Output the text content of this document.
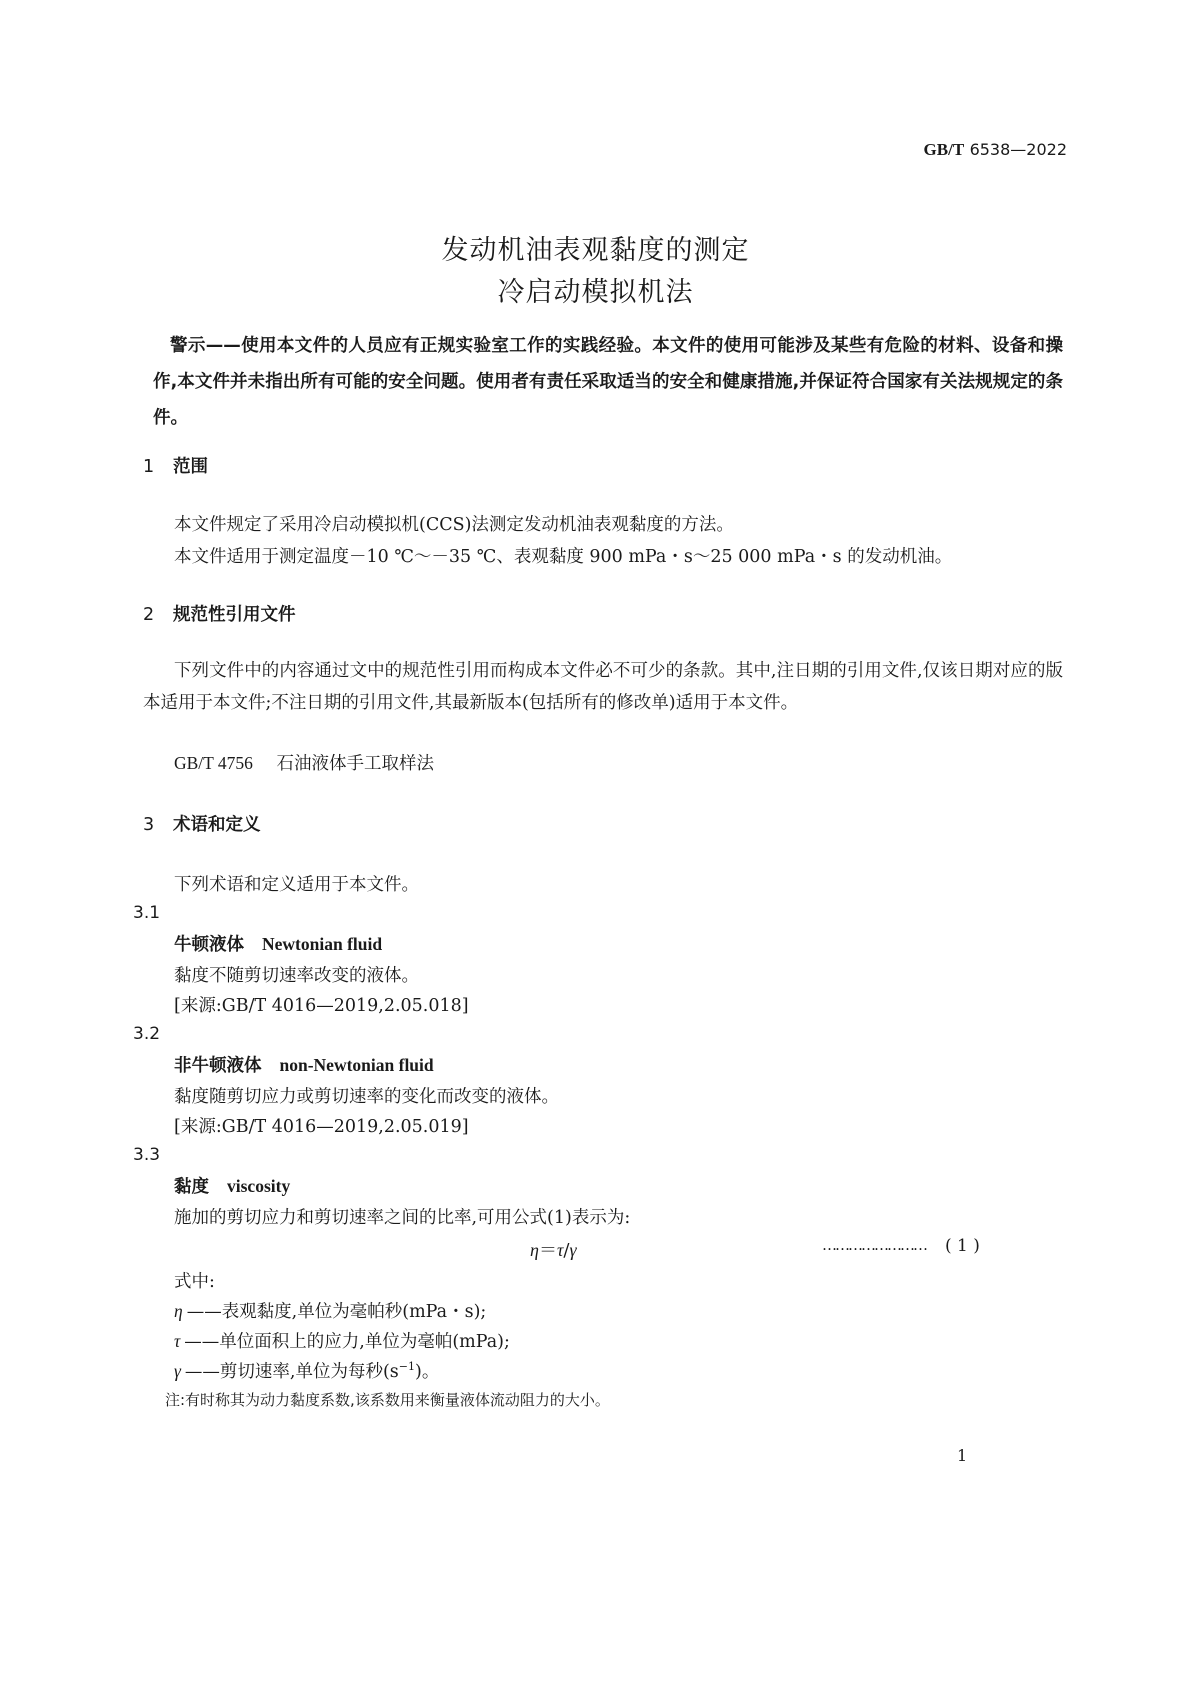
GB/T 6538—2022
发动机油表观黏度的测定
冷启动模拟机法
警示——使用本文件的人员应有正规实验室工作的实践经验。本文件的使用可能涉及某些有危险的材料、设备和操作,本文件并未指出所有可能的安全问题。使用者有责任采取适当的安全和健康措施,并保证符合国家有关法规规定的条件。
1 范围
本文件规定了采用冷启动模拟机(CCS)法测定发动机油表观黏度的方法。
本文件适用于测定温度－10 ℃～－35 ℃、表观黏度 900 mPa・s～25 000 mPa・s 的发动机油。
2 规范性引用文件
下列文件中的内容通过文中的规范性引用而构成本文件必不可少的条款。其中,注日期的引用文件,仅该日期对应的版本适用于本文件;不注日期的引用文件,其最新版本(包括所有的修改单)适用于本文件。
GB/T 4756 石油液体手工取样法
3 术语和定义
下列术语和定义适用于本文件。
3.1
牛顿液体 Newtonian fluid
黏度不随剪切速率改变的液体。
[来源:GB/T 4016—2019,2.05.018]
3.2
非牛顿液体 non-Newtonian fluid
黏度随剪切应力或剪切速率的变化而改变的液体。
[来源:GB/T 4016—2019,2.05.019]
3.3
黏度 viscosity
施加的剪切应力和剪切速率之间的比率,可用公式(1)表示为:
η＝τ/γ	…………………… ( 1 )
式中:
η ——表观黏度,单位为毫帕秒(mPa・s);
τ ——单位面积上的应力,单位为毫帕(mPa);
γ ——剪切速率,单位为每秒$(s^{-1})$。
注:有时称其为动力黏度系数,该系数用来衡量液体流动阻力的大小。
1
